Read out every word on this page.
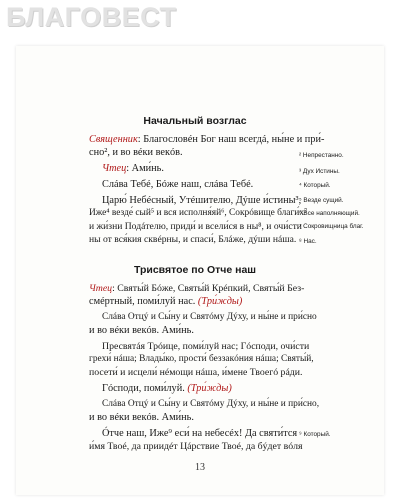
БЛАГОВЕСТ
Начальный возглас
Священник: Благословéн Бог наш всегдá, ны́не и при́-
сно², и во вéки векóв.
Чтец: Ами́нь.
Слáва Тебé, Бóже наш, слáва Тебé.
Царю́ Небéсный, Утéшителю, Дýше и́стины³,
Иже⁴ везде́ сый⁵ и вся исполня́яй⁶, Сокрóвище благи́х⁷
и жи́зни Подáтелю, приди́ и всели́ся в ны⁸, и очи́сти
ны от вся́кия сквéрны, и спаси́, Блáже, дýши нáша.
Трисвятое по Отче наш
Чтец: Святы́й Бóже, Святы́й Крéпкий, Святы́й Без-
смéртный, поми́луй нас. (Три́жды)
Слáва Отцý и Сы́ну и Святóму Дýху, и ны́не и при́сно
и во вéки векóв. Ами́нь.
Пресвятáя Трóице, поми́луй нас; Гóсподи, очи́сти
грехи́ нáша; Влады́ко, прости́ беззакóния нáша; Святы́й,
посети́ и исцели́ нéмощи нáша, и́мене Твоегó рáди.
Гóсподи, поми́луй. (Три́жды)
Слáва Отцý и Сы́ну и Святóму Дýху, и ны́не и при́сно,
и во вéки векóв. Ами́нь.
Óтче наш, Иже⁹ еси́ на небесéх! Да святи́тся
и́мя Твоé, да приидéт Цáрствие Твоé, да бýдет вóля
² Непрестанно.
³ Дух Истины.
⁴ Который.
⁵ Везде сущий.
⁶ Все наполняющий.
⁷ Сокровищница благ.
⁸ Нас.
⁹ Который.
13
